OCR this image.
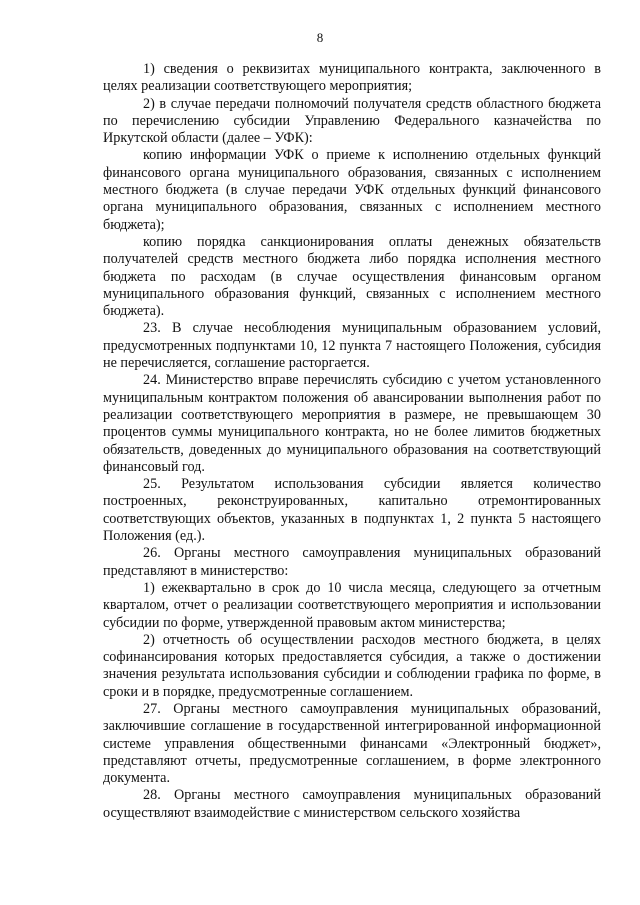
8

1) сведения о реквизитах муниципального контракта, заключенного в целях реализации соответствующего мероприятия;

2) в случае передачи полномочий получателя средств областного бюджета по перечислению субсидии Управлению Федерального казначейства по Иркутской области (далее – УФК):

копию информации УФК о приеме к исполнению отдельных функций финансового органа муниципального образования, связанных с исполнением местного бюджета (в случае передачи УФК отдельных функций финансового органа муниципального образования, связанных с исполнением местного бюджета);

копию порядка санкционирования оплаты денежных обязательств получателей средств местного бюджета либо порядка исполнения местного бюджета по расходам (в случае осуществления финансовым органом муниципального образования функций, связанных с исполнением местного бюджета).

23. В случае несоблюдения муниципальным образованием условий, предусмотренных подпунктами 10, 12 пункта 7 настоящего Положения, субсидия не перечисляется, соглашение расторгается.

24. Министерство вправе перечислять субсидию с учетом установленного муниципальным контрактом положения об авансировании выполнения работ по реализации соответствующего мероприятия в размере, не превышающем 30 процентов суммы муниципального контракта, но не более лимитов бюджетных обязательств, доведенных до муниципального образования на соответствующий финансовый год.

25. Результатом использования субсидии является количество построенных, реконструированных, капитально отремонтированных соответствующих объектов, указанных в подпунктах 1, 2 пункта 5 настоящего Положения (ед.).

26. Органы местного самоуправления муниципальных образований представляют в министерство:

1) ежеквартально в срок до 10 числа месяца, следующего за отчетным кварталом, отчет о реализации соответствующего мероприятия и использовании субсидии по форме, утвержденной правовым актом министерства;

2) отчетность об осуществлении расходов местного бюджета, в целях софинансирования которых предоставляется субсидия, а также о достижении значения результата использования субсидии и соблюдении графика по форме, в сроки и в порядке, предусмотренные соглашением.

27. Органы местного самоуправления муниципальных образований, заключившие соглашение в государственной интегрированной информационной системе управления общественными финансами «Электронный бюджет», представляют отчеты, предусмотренные соглашением, в форме электронного документа.

28. Органы местного самоуправления муниципальных образований осуществляют взаимодействие с министерством сельского хозяйства
